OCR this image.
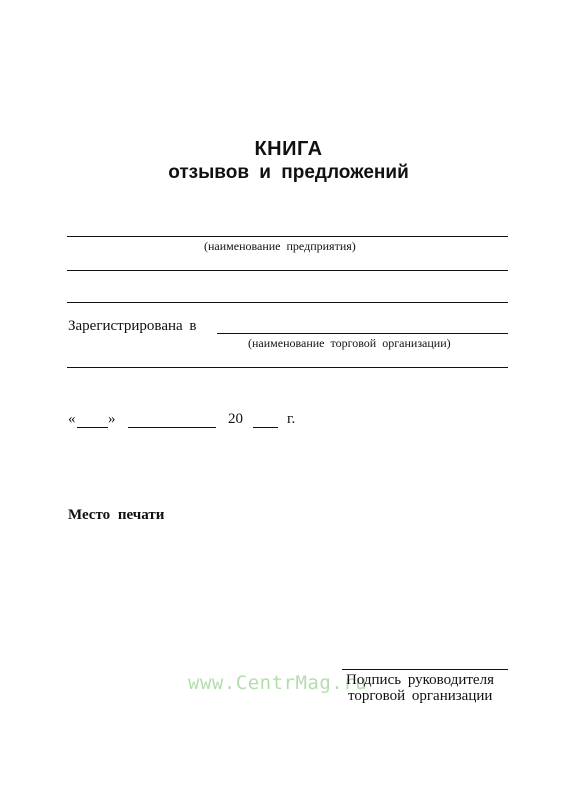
КНИГА
отзывов и предложений
(наименование предприятия)
Зарегистрирована в
(наименование торговой организации)
« »	20	г.
Место печати
www.CentrMag.ru
Подпись руководителя
торговой организации
